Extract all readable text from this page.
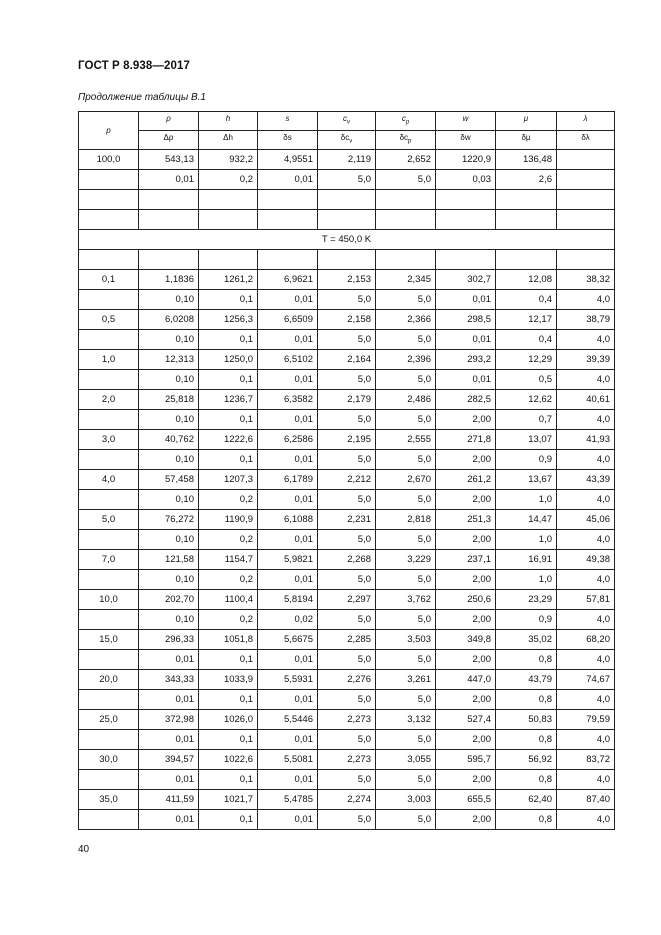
ГОСТ Р 8.938—2017
Продолжение таблицы В.1
p	ρ	h	s	$c_v$	$c_p$	w	μ	λ
	Δρ	Δh	δs	$\delta c_v$	$\delta c_p$	δw	δμ	δλ
100,0	543,13	932,2	4,9551	2,119	2,652	1220,9	136,48	
	0,01	0,2	0,01	5,0	5,0	0,03	2,6	

T = 450,0 K								

0,1	1,1836	1261,2	6,9621	2,153	2,345	302,7	12,08	38,32
	0,10	0,1	0,01	5,0	5,0	0,01	0,4	4,0
0,5	6,0208	1256,3	6,6509	2,158	2,366	298,5	12,17	38,79
	0,10	0,1	0,01	5,0	5,0	0,01	0,4	4,0
1,0	12,313	1250,0	6,5102	2,164	2,396	293,2	12,29	39,39
	0,10	0,1	0,01	5,0	5,0	0,01	0,5	4,0
2,0	25,818	1236,7	6,3582	2,179	2,486	282,5	12,62	40,61
	0,10	0,1	0,01	5,0	5,0	2,00	0,7	4,0
3,0	40,762	1222,6	6,2586	2,195	2,555	271,8	13,07	41,93
	0,10	0,1	0,01	5,0	5,0	2,00	0,9	4,0
4,0	57,458	1207,3	6,1789	2,212	2,670	261,2	13,67	43,39
	0,10	0,2	0,01	5,0	5,0	2,00	1,0	4,0
5,0	76,272	1190,9	6,1088	2,231	2,818	251,3	14,47	45,06
	0,10	0,2	0,01	5,0	5,0	2,00	1,0	4,0
7,0	121,58	1154,7	5,9821	2,268	3,229	237,1	16,91	49,38
	0,10	0,2	0,01	5,0	5,0	2,00	1,0	4,0
10,0	202,70	1100,4	5,8194	2,297	3,762	250,6	23,29	57,81
	0,10	0,2	0,02	5,0	5,0	2,00	0,9	4,0
15,0	296,33	1051,8	5,6675	2,285	3,503	349,8	35,02	68,20
	0,01	0,1	0,01	5,0	5,0	2,00	0,8	4,0
20,0	343,33	1033,9	5,5931	2,276	3,261	447,0	43,79	74,67
	0,01	0,1	0,01	5,0	5,0	2,00	0,8	4,0
25,0	372,98	1026,0	5,5446	2,273	3,132	527,4	50,83	79,59
	0,01	0,1	0,01	5,0	5,0	2,00	0,8	4,0
30,0	394,57	1022,6	5,5081	2,273	3,055	595,7	56,92	83,72
	0,01	0,1	0,01	5,0	5,0	2,00	0,8	4,0
35,0	411,59	1021,7	5,4785	2,274	3,003	655,5	62,40	87,40
	0,01	0,1	0,01	5,0	5,0	2,00	0,8	4,0
40
